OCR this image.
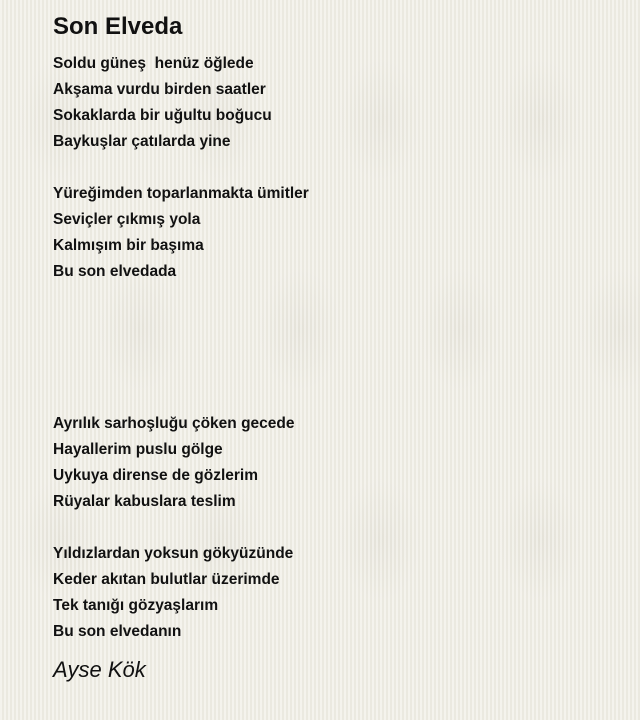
Son Elveda
Soldu güneş  henüz öğlede
Akşama vurdu birden saatler
Sokaklarda bir uğultu boğucu
Baykuşlar çatılarda yine
Yüreğimden toparlanmakta ümitler
Seviçler çıkmış yola
Kalmışım bir başıma
Bu son elvedada
Ayrılık sarhoşluğu çöken gecede
Hayallerim puslu gölge
Uykuya dirense de gözlerim
Rüyalar kabuslara teslim
Yıldızlardan yoksun gökyüzünde
Keder akıtan bulutlar üzerimde
Tek tanığı gözyaşlarım
Bu son elvedanın
Ayse Kök
